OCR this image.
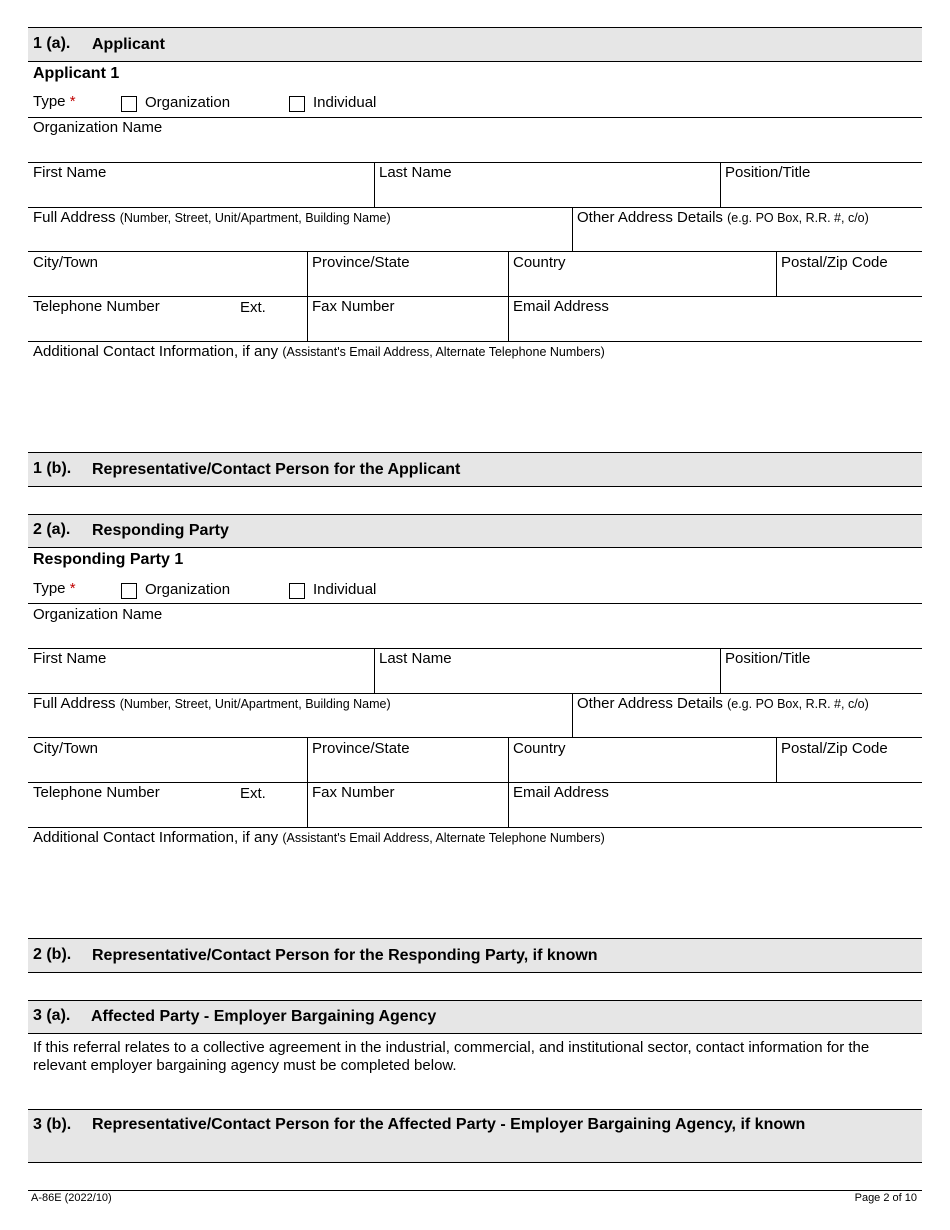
1 (a). Applicant
Applicant 1
Type *	Organization	Individual
Organization Name
First Name	Last Name	Position/Title
Full Address (Number, Street, Unit/Apartment, Building Name)	Other Address Details (e.g. PO Box, R.R. #, c/o)
City/Town	Province/State	Country	Postal/Zip Code
Telephone Number	Ext.	Fax Number	Email Address
Additional Contact Information, if any (Assistant's Email Address, Alternate Telephone Numbers)
1 (b). Representative/Contact Person for the Applicant
2 (a). Responding Party
Responding Party 1
Type *	Organization	Individual
Organization Name
First Name	Last Name	Position/Title
Full Address (Number, Street, Unit/Apartment, Building Name)	Other Address Details (e.g. PO Box, R.R. #, c/o)
City/Town	Province/State	Country	Postal/Zip Code
Telephone Number	Ext.	Fax Number	Email Address
Additional Contact Information, if any (Assistant's Email Address, Alternate Telephone Numbers)
2 (b). Representative/Contact Person for the Responding Party, if known
3 (a). Affected Party - Employer Bargaining Agency
If this referral relates to a collective agreement in the industrial, commercial, and institutional sector, contact information for the relevant employer bargaining agency must be completed below.
3 (b). Representative/Contact Person for the Affected Party - Employer Bargaining Agency, if known
A-86E (2022/10)	Page 2 of 10
